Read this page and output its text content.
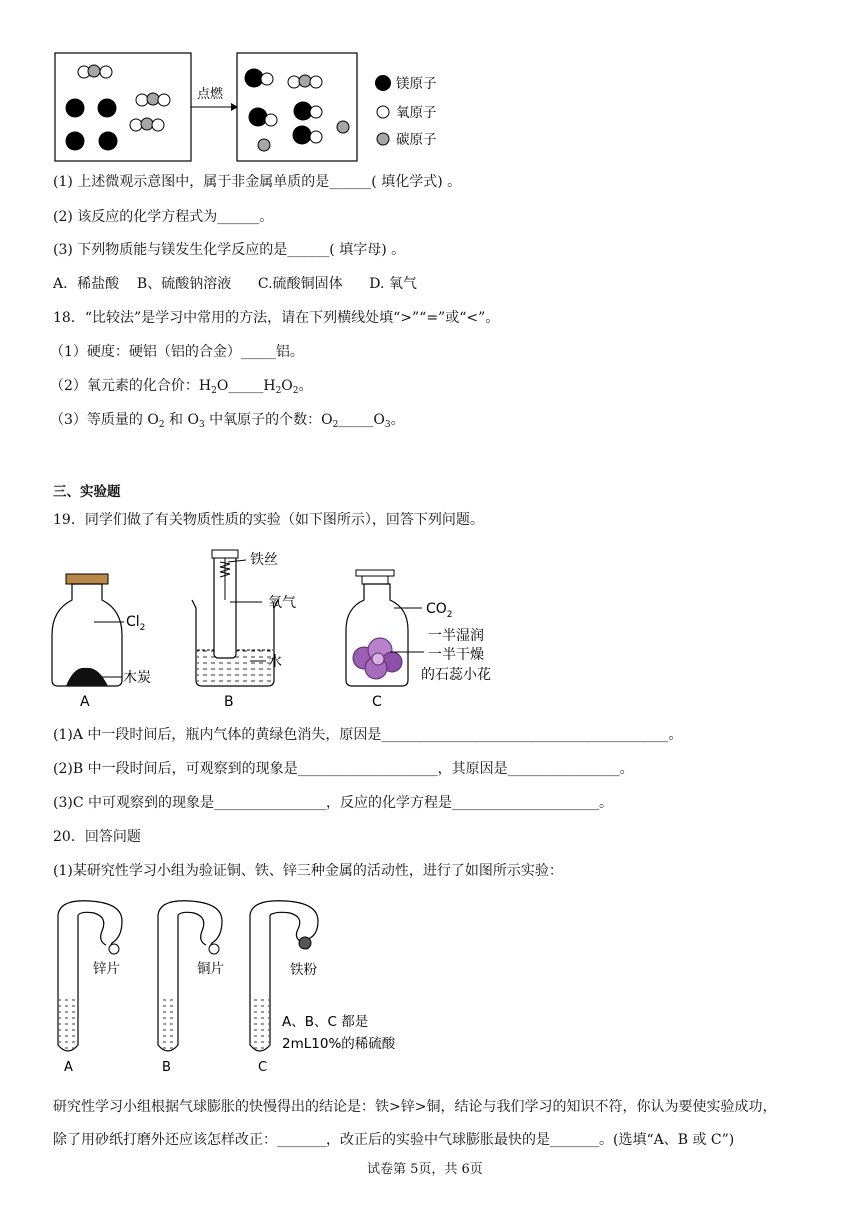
点燃
镁原子
氧原子
碳原子
(1) 上述微观示意图中，属于非金属单质的是______( 填化学式) 。
(2) 该反应的化学方程式为______。
(3) 下列物质能与镁发生化学反应的是______( 填字母) 。
A．稀盐酸    B、硫酸钠溶液      C.硫酸铜固体      D. 氧气
18．“比较法”是学习中常用的方法，请在下列横线处填“>”“=”或“<”。
（1）硬度：硬铝（铝的合金）_____铝。
（2）氧元素的化合价：$H_2O\_\_\_\_\_H_2O_2$。
（3）等质量的 $O_2$ 和 $O_3$ 中氧原子的个数：$O_2\_\_\_\_\_O_3$。
三、实验题
19．同学们做了有关物质性质的实验（如下图所示），回答下列问题。
$Cl_2$
木炭
A
铁丝
氧气
水
B
$CO_2$
一半湿润
一半干燥
的石蕊小花
C
(1)A 中一段时间后，瓶内气体的黄绿色消失，原因是_________________________________________。
(2)B 中一段时间后，可观察到的现象是____________________，其原因是________________。
(3)C 中可观察到的现象是________________，反应的化学方程是_____________________。
20．回答问题
(1)某研究性学习小组为验证铜、铁、锌三种金属的活动性，进行了如图所示实验：
锌片
A
铜片
B
铁粉
C
A、B、C 都是
2mL10%的稀硫酸
研究性学习小组根据气球膨胀的快慢得出的结论是：铁>锌>铜，结论与我们学习的知识不符，你认为要使实验成功，
除了用砂纸打磨外还应该怎样改正：_______，改正后的实验中气球膨胀最快的是_______。(选填“A、B 或 C”)
试卷第 5页，共 6页
